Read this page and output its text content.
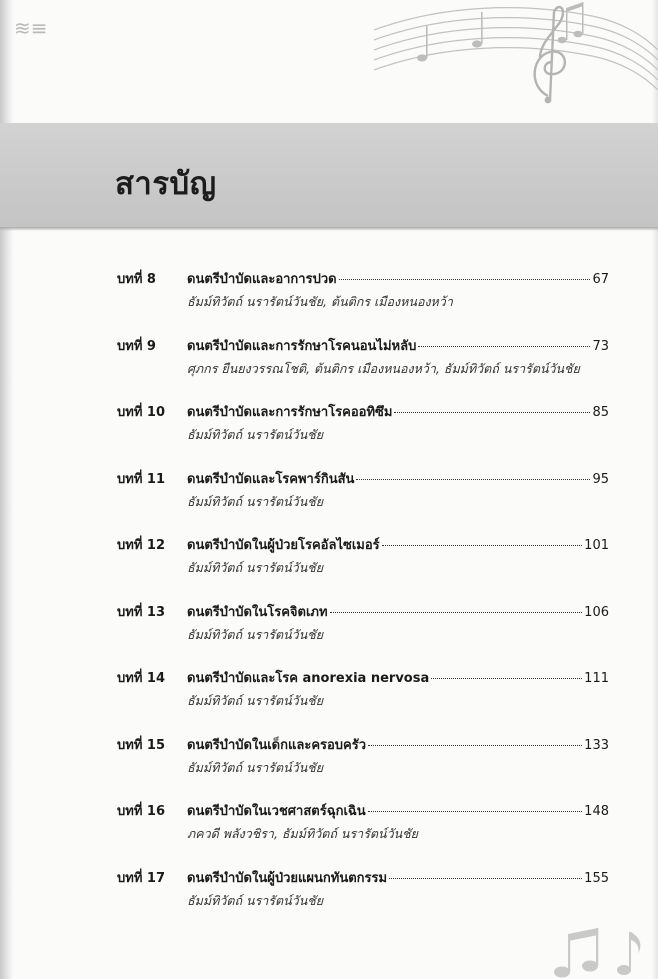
≋≡
สารบัญ
บทที่ 8	ดนตรีบำบัดและอาการปวด	67
ธัมม์ทิวัตถ์ นรารัตน์วันชัย, ต้นติกร เมืองหนองหว้า
บทที่ 9	ดนตรีบำบัดและการรักษาโรคนอนไม่หลับ	73
ศุภกร ยืนยงวรรณโชติ, ต้นติกร เมืองหนองหว้า, ธัมม์ทิวัตถ์ นรารัตน์วันชัย
บทที่ 10	ดนตรีบำบัดและการรักษาโรคออทิซึม	85
ธัมม์ทิวัตถ์ นรารัตน์วันชัย
บทที่ 11	ดนตรีบำบัดและโรคพาร์กินสัน	95
ธัมม์ทิวัตถ์ นรารัตน์วันชัย
บทที่ 12	ดนตรีบำบัดในผู้ป่วยโรคอัลไซเมอร์	101
ธัมม์ทิวัตถ์ นรารัตน์วันชัย
บทที่ 13	ดนตรีบำบัดในโรคจิตเภท	106
ธัมม์ทิวัตถ์ นรารัตน์วันชัย
บทที่ 14	ดนตรีบำบัดและโรค anorexia nervosa	111
ธัมม์ทิวัตถ์ นรารัตน์วันชัย
บทที่ 15	ดนตรีบำบัดในเด็กและครอบครัว	133
ธัมม์ทิวัตถ์ นรารัตน์วันชัย
บทที่ 16	ดนตรีบำบัดในเวชศาสตร์ฉุกเฉิน	148
ภควดี พลังวชิรา, ธัมม์ทิวัตถ์ นรารัตน์วันชัย
บทที่ 17	ดนตรีบำบัดในผู้ป่วยแผนกทันตกรรม	155
ธัมม์ทิวัตถ์ นรารัตน์วันชัย
